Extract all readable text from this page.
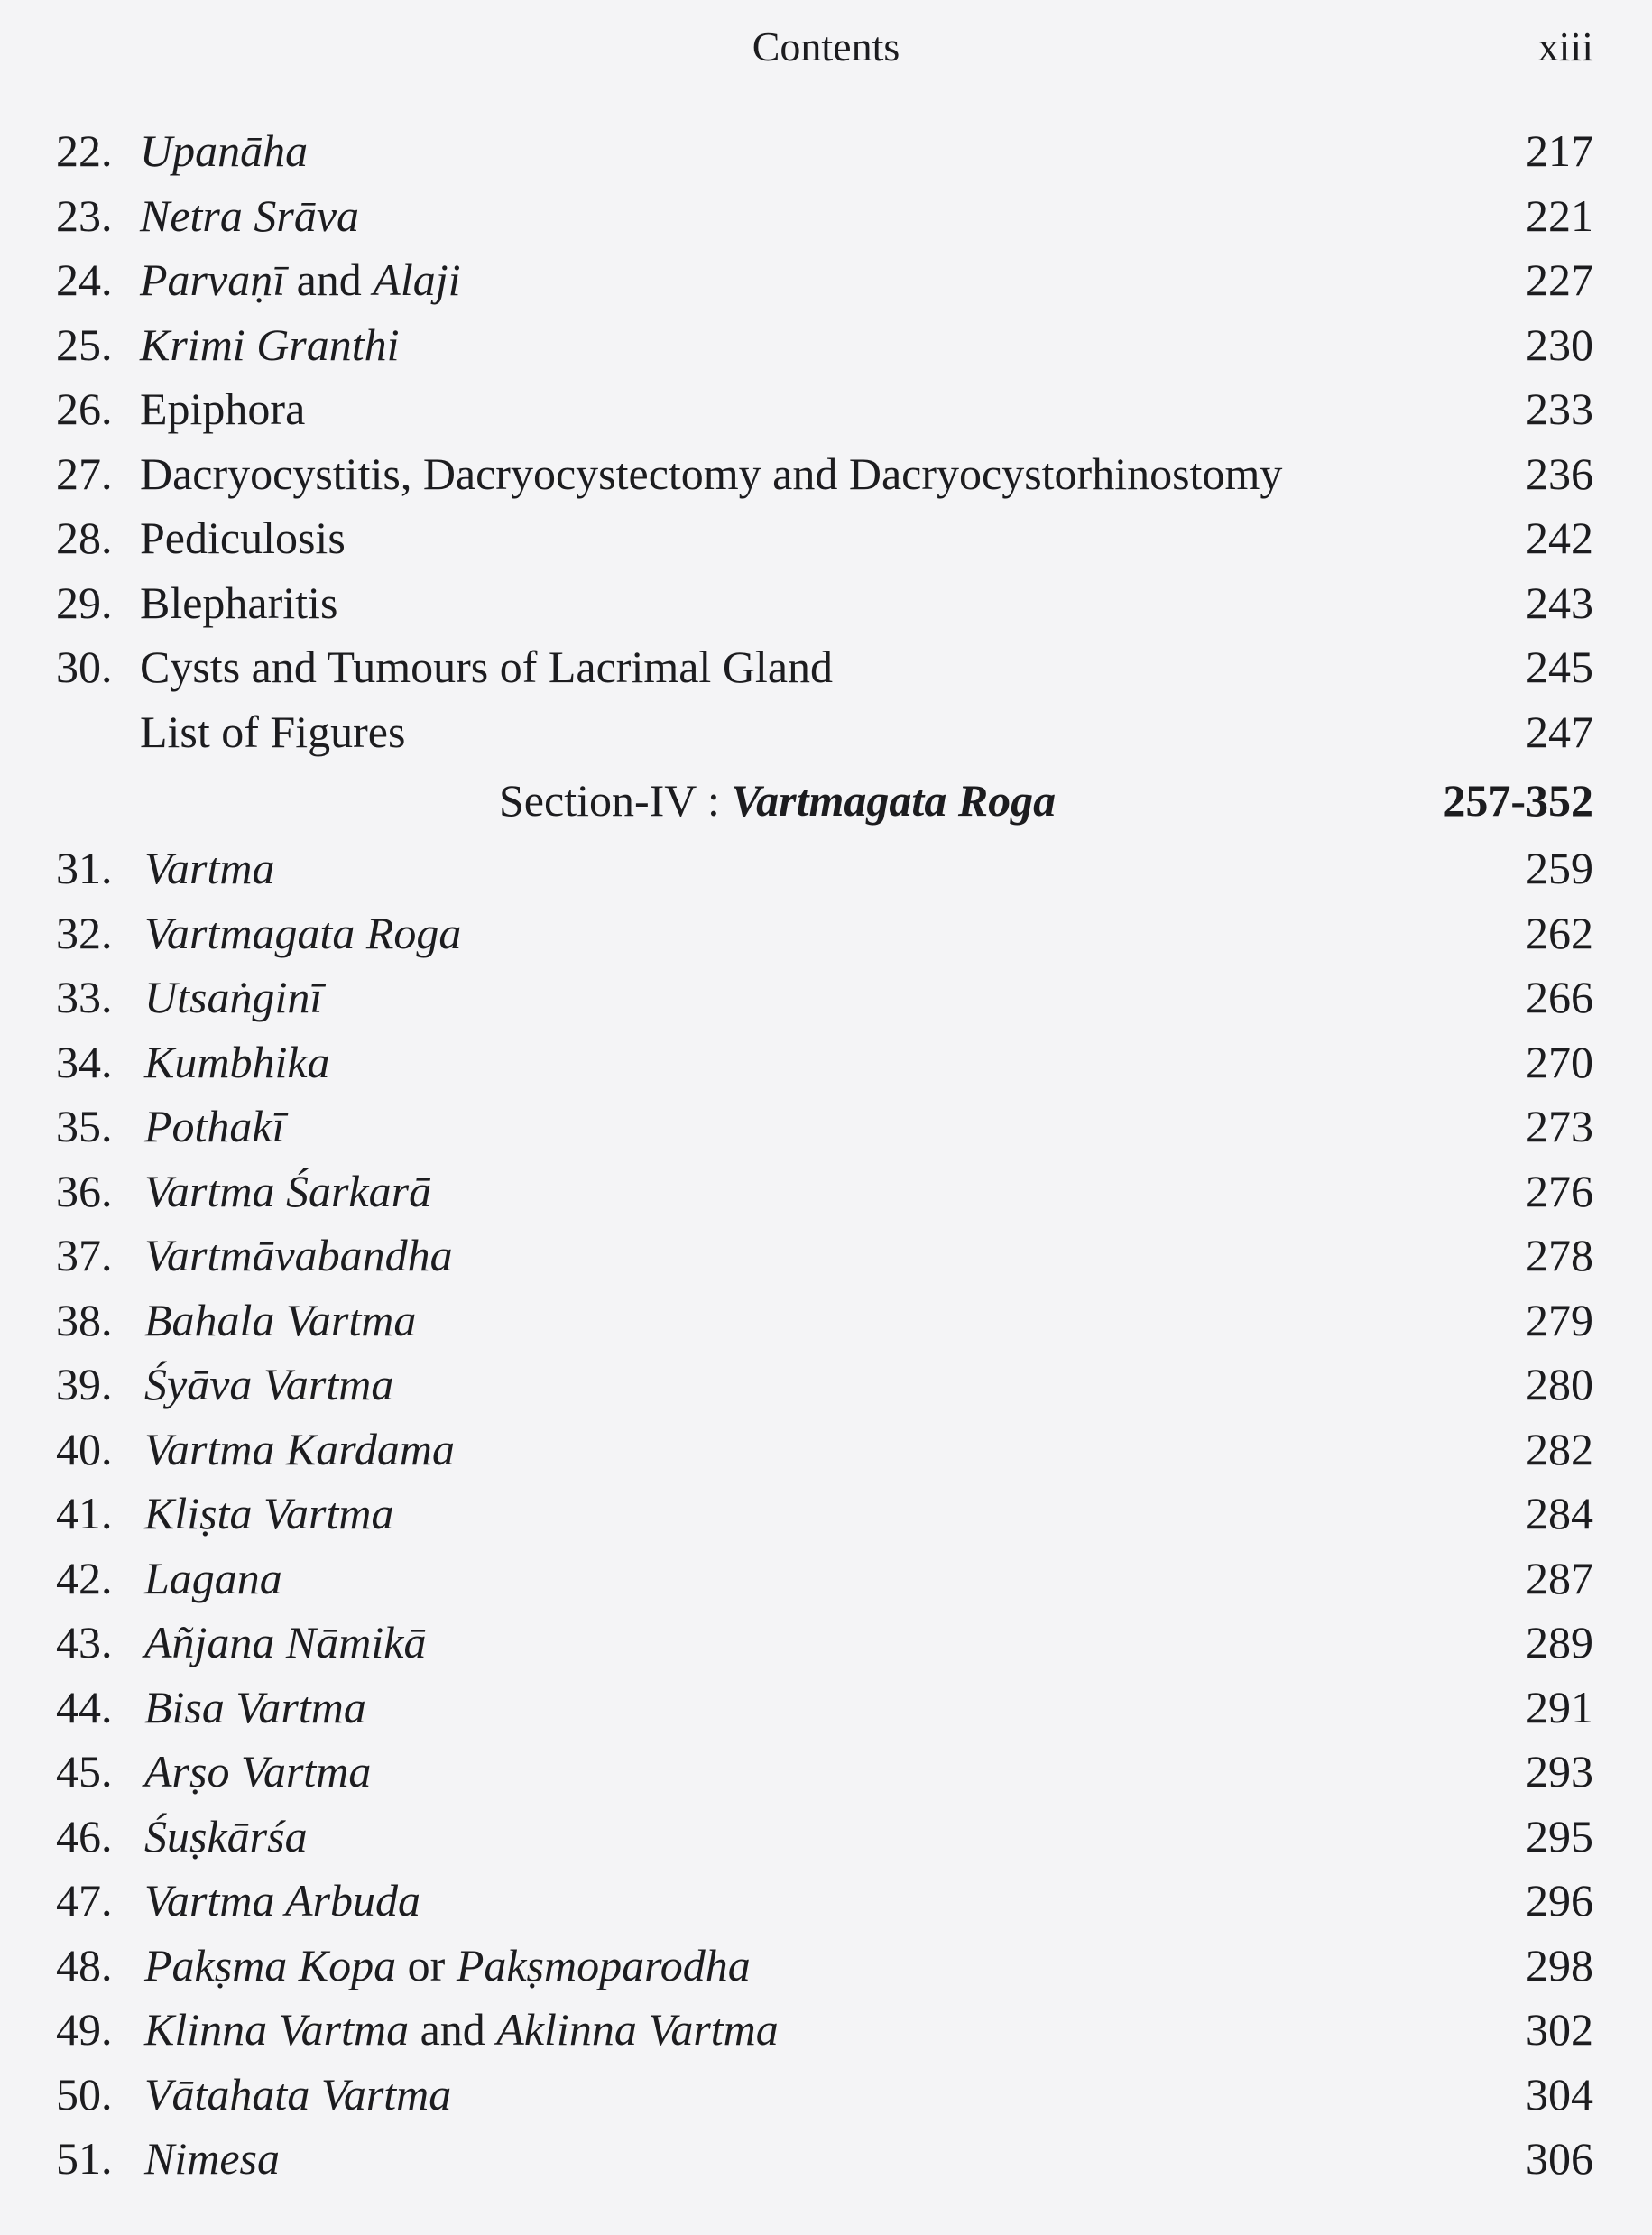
Contents	xiii
22. Upanāha	217
23. Netra Srāva	221
24. Parvaṇī and Alaji	227
25. Krimi Granthi	230
26. Epiphora	233
27. Dacryocystitis, Dacryocystectomy and Dacryocystorhinostomy	236
28. Pediculosis	242
29. Blepharitis	243
30. Cysts and Tumours of Lacrimal Gland	245
List of Figures	247
Section-IV : Vartmagata Roga	257-352
31. Vartma	259
32. Vartmagata Roga	262
33. Utsaṅginī	266
34. Kumbhika	270
35. Pothakī	273
36. Vartma Śarkarā	276
37. Vartmāvabandha	278
38. Bahala Vartma	279
39. Śyāva Vartma	280
40. Vartma Kardama	282
41. Kliṣta Vartma	284
42. Lagana	287
43. Añjana Nāmikā	289
44. Bisa Vartma	291
45. Arṣo Vartma	293
46. Śuṣkārśa	295
47. Vartma Arbuda	296
48. Pakṣma Kopa or Pakṣmoparodha	298
49. Klinna Vartma and Aklinna Vartma	302
50. Vātahata Vartma	304
51. Nimesa	306
